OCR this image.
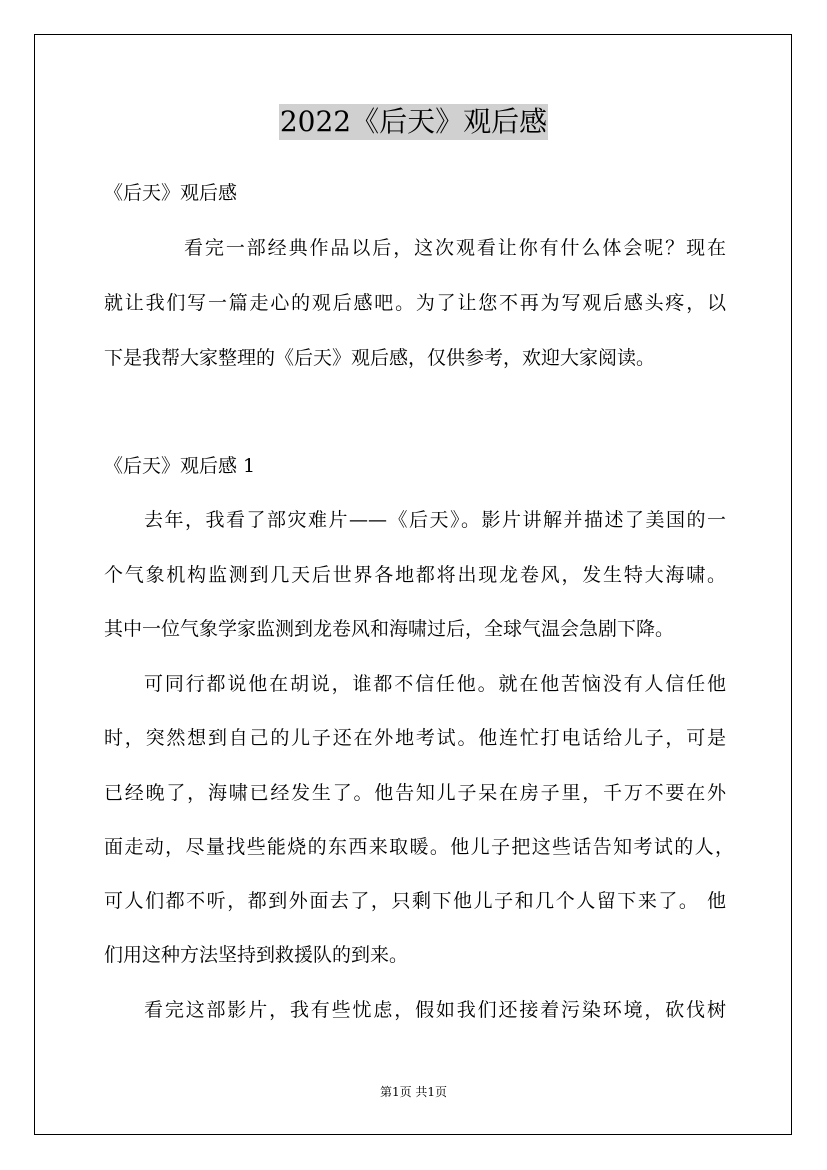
2022《后天》观后感
《后天》观后感
看完一部经典作品以后，这次观看让你有什么体会呢？现在
就让我们写一篇走心的观后感吧。为了让您不再为写观后感头疼，以
下是我帮大家整理的《后天》观后感，仅供参考，欢迎大家阅读。
《后天》观后感 1
去年，我看了部灾难片——《后天》。影片讲解并描述了美国的一
个气象机构监测到几天后世界各地都将出现龙卷风，发生特大海啸。
其中一位气象学家监测到龙卷风和海啸过后，全球气温会急剧下降。
可同行都说他在胡说，谁都不信任他。就在他苦恼没有人信任他
时，突然想到自己的儿子还在外地考试。他连忙打电话给儿子，可是
已经晚了，海啸已经发生了。他告知儿子呆在房子里，千万不要在外
面走动，尽量找些能烧的东西来取暖。他儿子把这些话告知考试的人，
可人们都不听，都到外面去了，只剩下他儿子和几个人留下来了。 他
们用这种方法坚持到救援队的到来。
看完这部影片，我有些忧虑，假如我们还接着污染环境，砍伐树
第1页 共1页
